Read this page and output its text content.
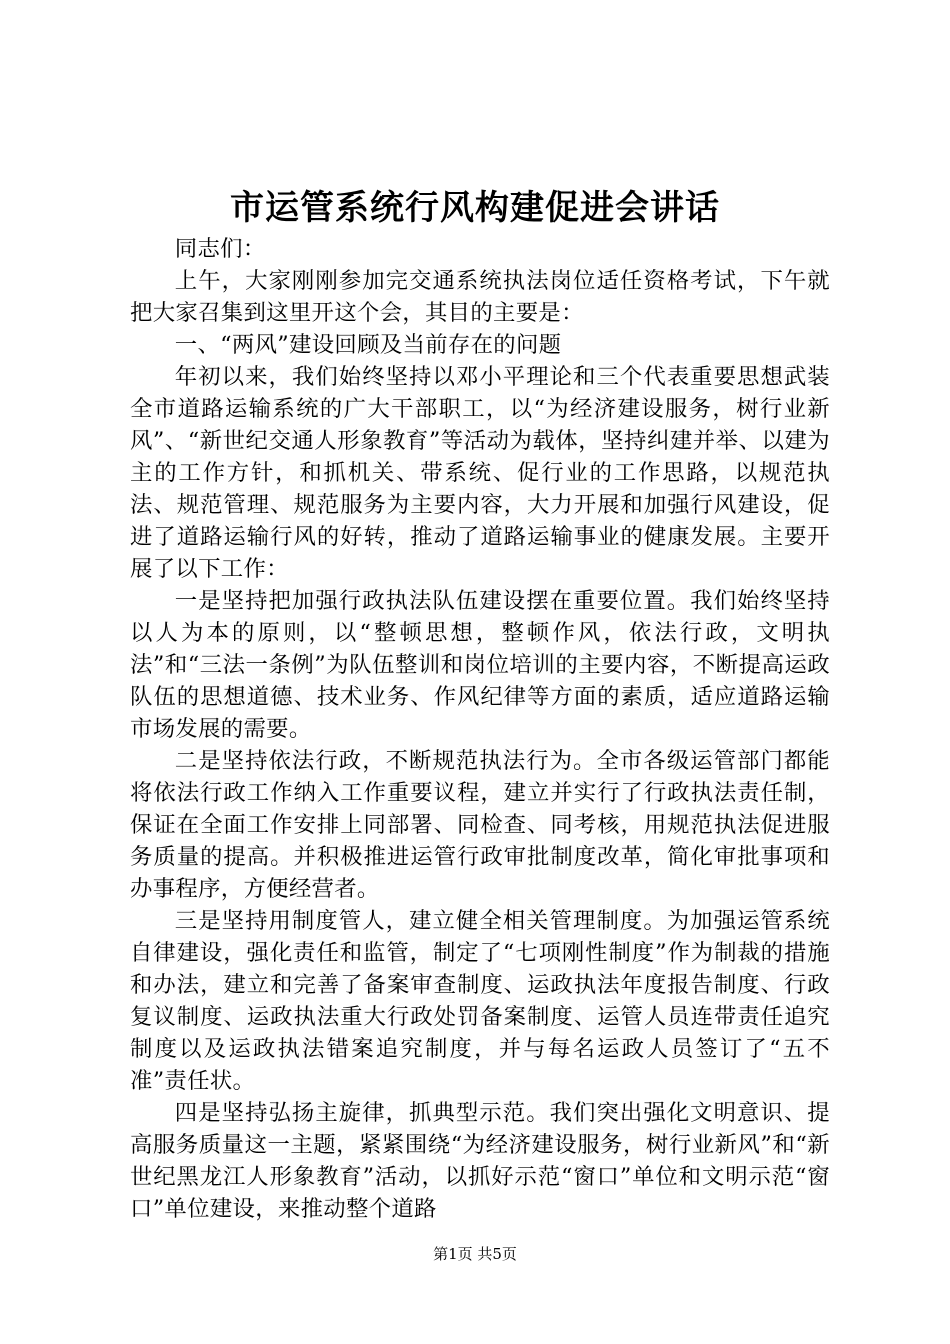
市运管系统行风构建促进会讲话

同志们：

上午，大家刚刚参加完交通系统执法岗位适任资格考试，下午就把大家召集到这里开这个会，其目的主要是：

一、“两风”建设回顾及当前存在的问题

年初以来，我们始终坚持以邓小平理论和三个代表重要思想武装全市道路运输系统的广大干部职工，以“为经济建设服务，树行业新风”、“新世纪交通人形象教育”等活动为载体，坚持纠建并举、以建为主的工作方针，和抓机关、带系统、促行业的工作思路，以规范执法、规范管理、规范服务为主要内容，大力开展和加强行风建设，促进了道路运输行风的好转，推动了道路运输事业的健康发展。主要开展了以下工作：

一是坚持把加强行政执法队伍建设摆在重要位置。我们始终坚持以人为本的原则，以“整顿思想，整顿作风，依法行政，文明执法”和“三法一条例”为队伍整训和岗位培训的主要内容，不断提高运政队伍的思想道德、技术业务、作风纪律等方面的素质，适应道路运输市场发展的需要。

二是坚持依法行政，不断规范执法行为。全市各级运管部门都能将依法行政工作纳入工作重要议程，建立并实行了行政执法责任制，保证在全面工作安排上同部署、同检查、同考核，用规范执法促进服务质量的提高。并积极推进运管行政审批制度改革，简化审批事项和办事程序，方便经营者。

三是坚持用制度管人，建立健全相关管理制度。为加强运管系统自律建设，强化责任和监管，制定了“七项刚性制度”作为制裁的措施和办法，建立和完善了备案审查制度、运政执法年度报告制度、行政复议制度、运政执法重大行政处罚备案制度、运管人员连带责任追究制度以及运政执法错案追究制度，并与每名运政人员签订了“五不准”责任状。

四是坚持弘扬主旋律，抓典型示范。我们突出强化文明意识、提高服务质量这一主题，紧紧围绕“为经济建设服务，树行业新风”和“新世纪黑龙江人形象教育”活动，以抓好示范“窗口”单位和文明示范“窗口”单位建设，来推动整个道路

第1页 共5页
